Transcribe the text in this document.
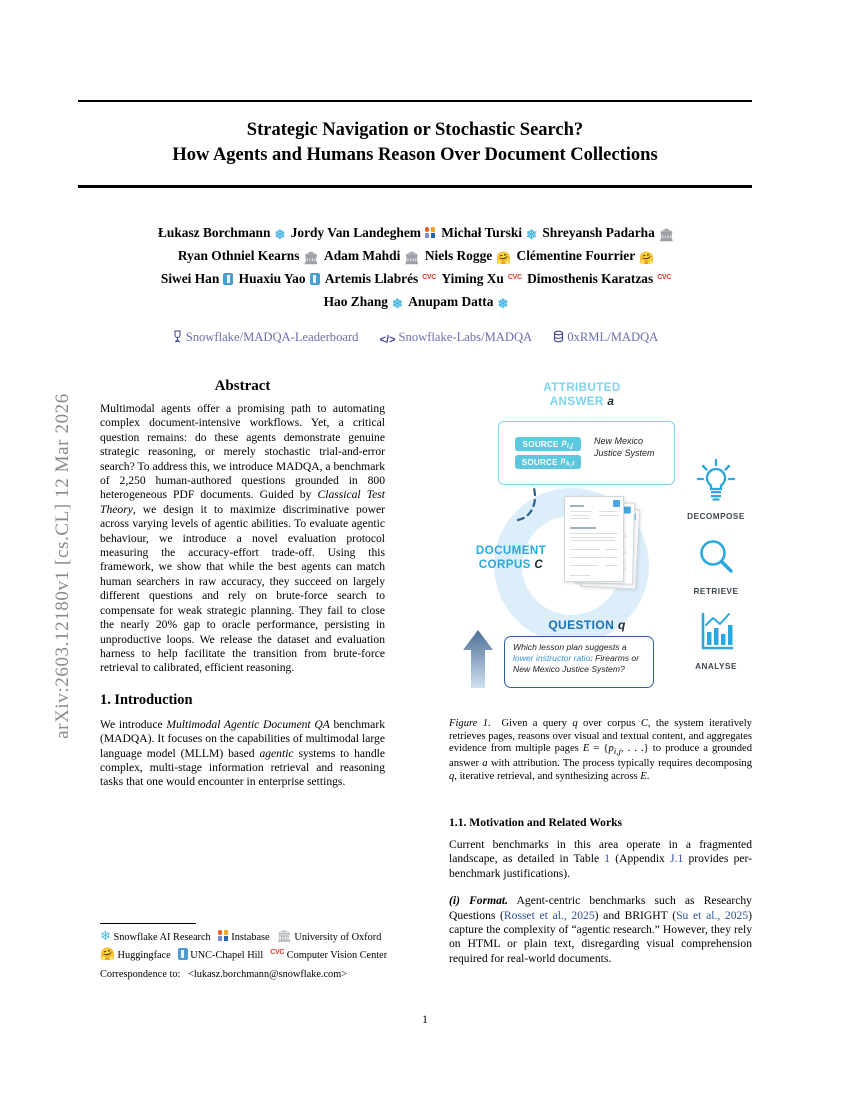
arXiv:2603.12180v1 [cs.CL] 12 Mar 2026
Strategic Navigation or Stochastic Search?
How Agents and Humans Reason Over Document Collections
Łukasz Borchmann ❄ Jordy Van Landeghem Michał Turski ❄ Shreyansh Padarha 🏛
Ryan Othniel Kearns 🏛 Adam Mahdi 🏛 Niels Rogge 🤗 Clémentine Fourrier 🤗
Siwei Han Huaxiu Yao Artemis Llabrés CVC Yiming Xu CVC Dimosthenis Karatzas CVC
Hao Zhang ❄ Anupam Datta ❄
Snowflake/MADQA-Leaderboard </> Snowflake-Labs/MADQA	0xRML/MADQA
Abstract

Multimodal agents offer a promising path to automating complex document-intensive workflows. Yet, a critical question remains: do these agents demonstrate genuine strategic reasoning, or merely stochastic trial-and-error search? To address this, we introduce MADQA, a benchmark of 2,250 human-authored questions grounded in 800 heterogeneous PDF documents. Guided by Classical Test Theory, we design it to maximize discriminative power across varying levels of agentic abilities. To evaluate agentic behaviour, we introduce a novel evaluation protocol measuring the accuracy-effort trade-off. Using this framework, we show that while the best agents can match human searchers in raw accuracy, they succeed on largely different questions and rely on brute-force search to compensate for weak strategic planning. They fail to close the nearly 20% gap to oracle performance, persisting in unproductive loops. We release the dataset and evaluation harness to help facilitate the transition from brute-force retrieval to calibrated, efficient reasoning.

1. Introduction

We introduce Multimodal Agentic Document QA benchmark (MADQA). It focuses on the capabilities of multimodal large language model (MLLM) based agentic systems to handle complex, multi-stage information retrieval and reasoning tasks that one would encounter in enterprise settings.

❄ Snowflake AI Research Instabase 🏛 University of Oxford
🤗 Huggingface UNC-Chapel Hill $^{CVC}$ Computer Vision Center
Correspondence to: <lukasz.borchmann@snowflake.com>
ATTRIBUTED
ANSWER a
SOURCE $p_{i,j}$
SOURCE $p_{k,l}$
New Mexico Justice System
DOCUMENT
CORPUS C
QUESTION q
Which lesson plan suggests a lower instructor ratio: Firearms or New Mexico Justice System?
DECOMPOSE
RETRIEVE
ANALYSE
Figure 1.  Given a query q over corpus C, the system iteratively retrieves pages, reasons over visual and textual content, and aggregates evidence from multiple pages $E = \{p_{i,j}$, . . .} to produce a grounded answer a with attribution. The process typically requires decomposing q, iterative retrieval, and synthesizing across E.
1.1. Motivation and Related Works

Current benchmarks in this area operate in a fragmented landscape, as detailed in Table 1 (Appendix J.1 provides per-benchmark justifications).

(i) Format. Agent-centric benchmarks such as Researchy Questions (Rosset et al., 2025) and BRIGHT (Su et al., 2025) capture the complexity of “agentic research.” However, they rely on HTML or plain text, disregarding visual comprehension required for real-world documents.

1
